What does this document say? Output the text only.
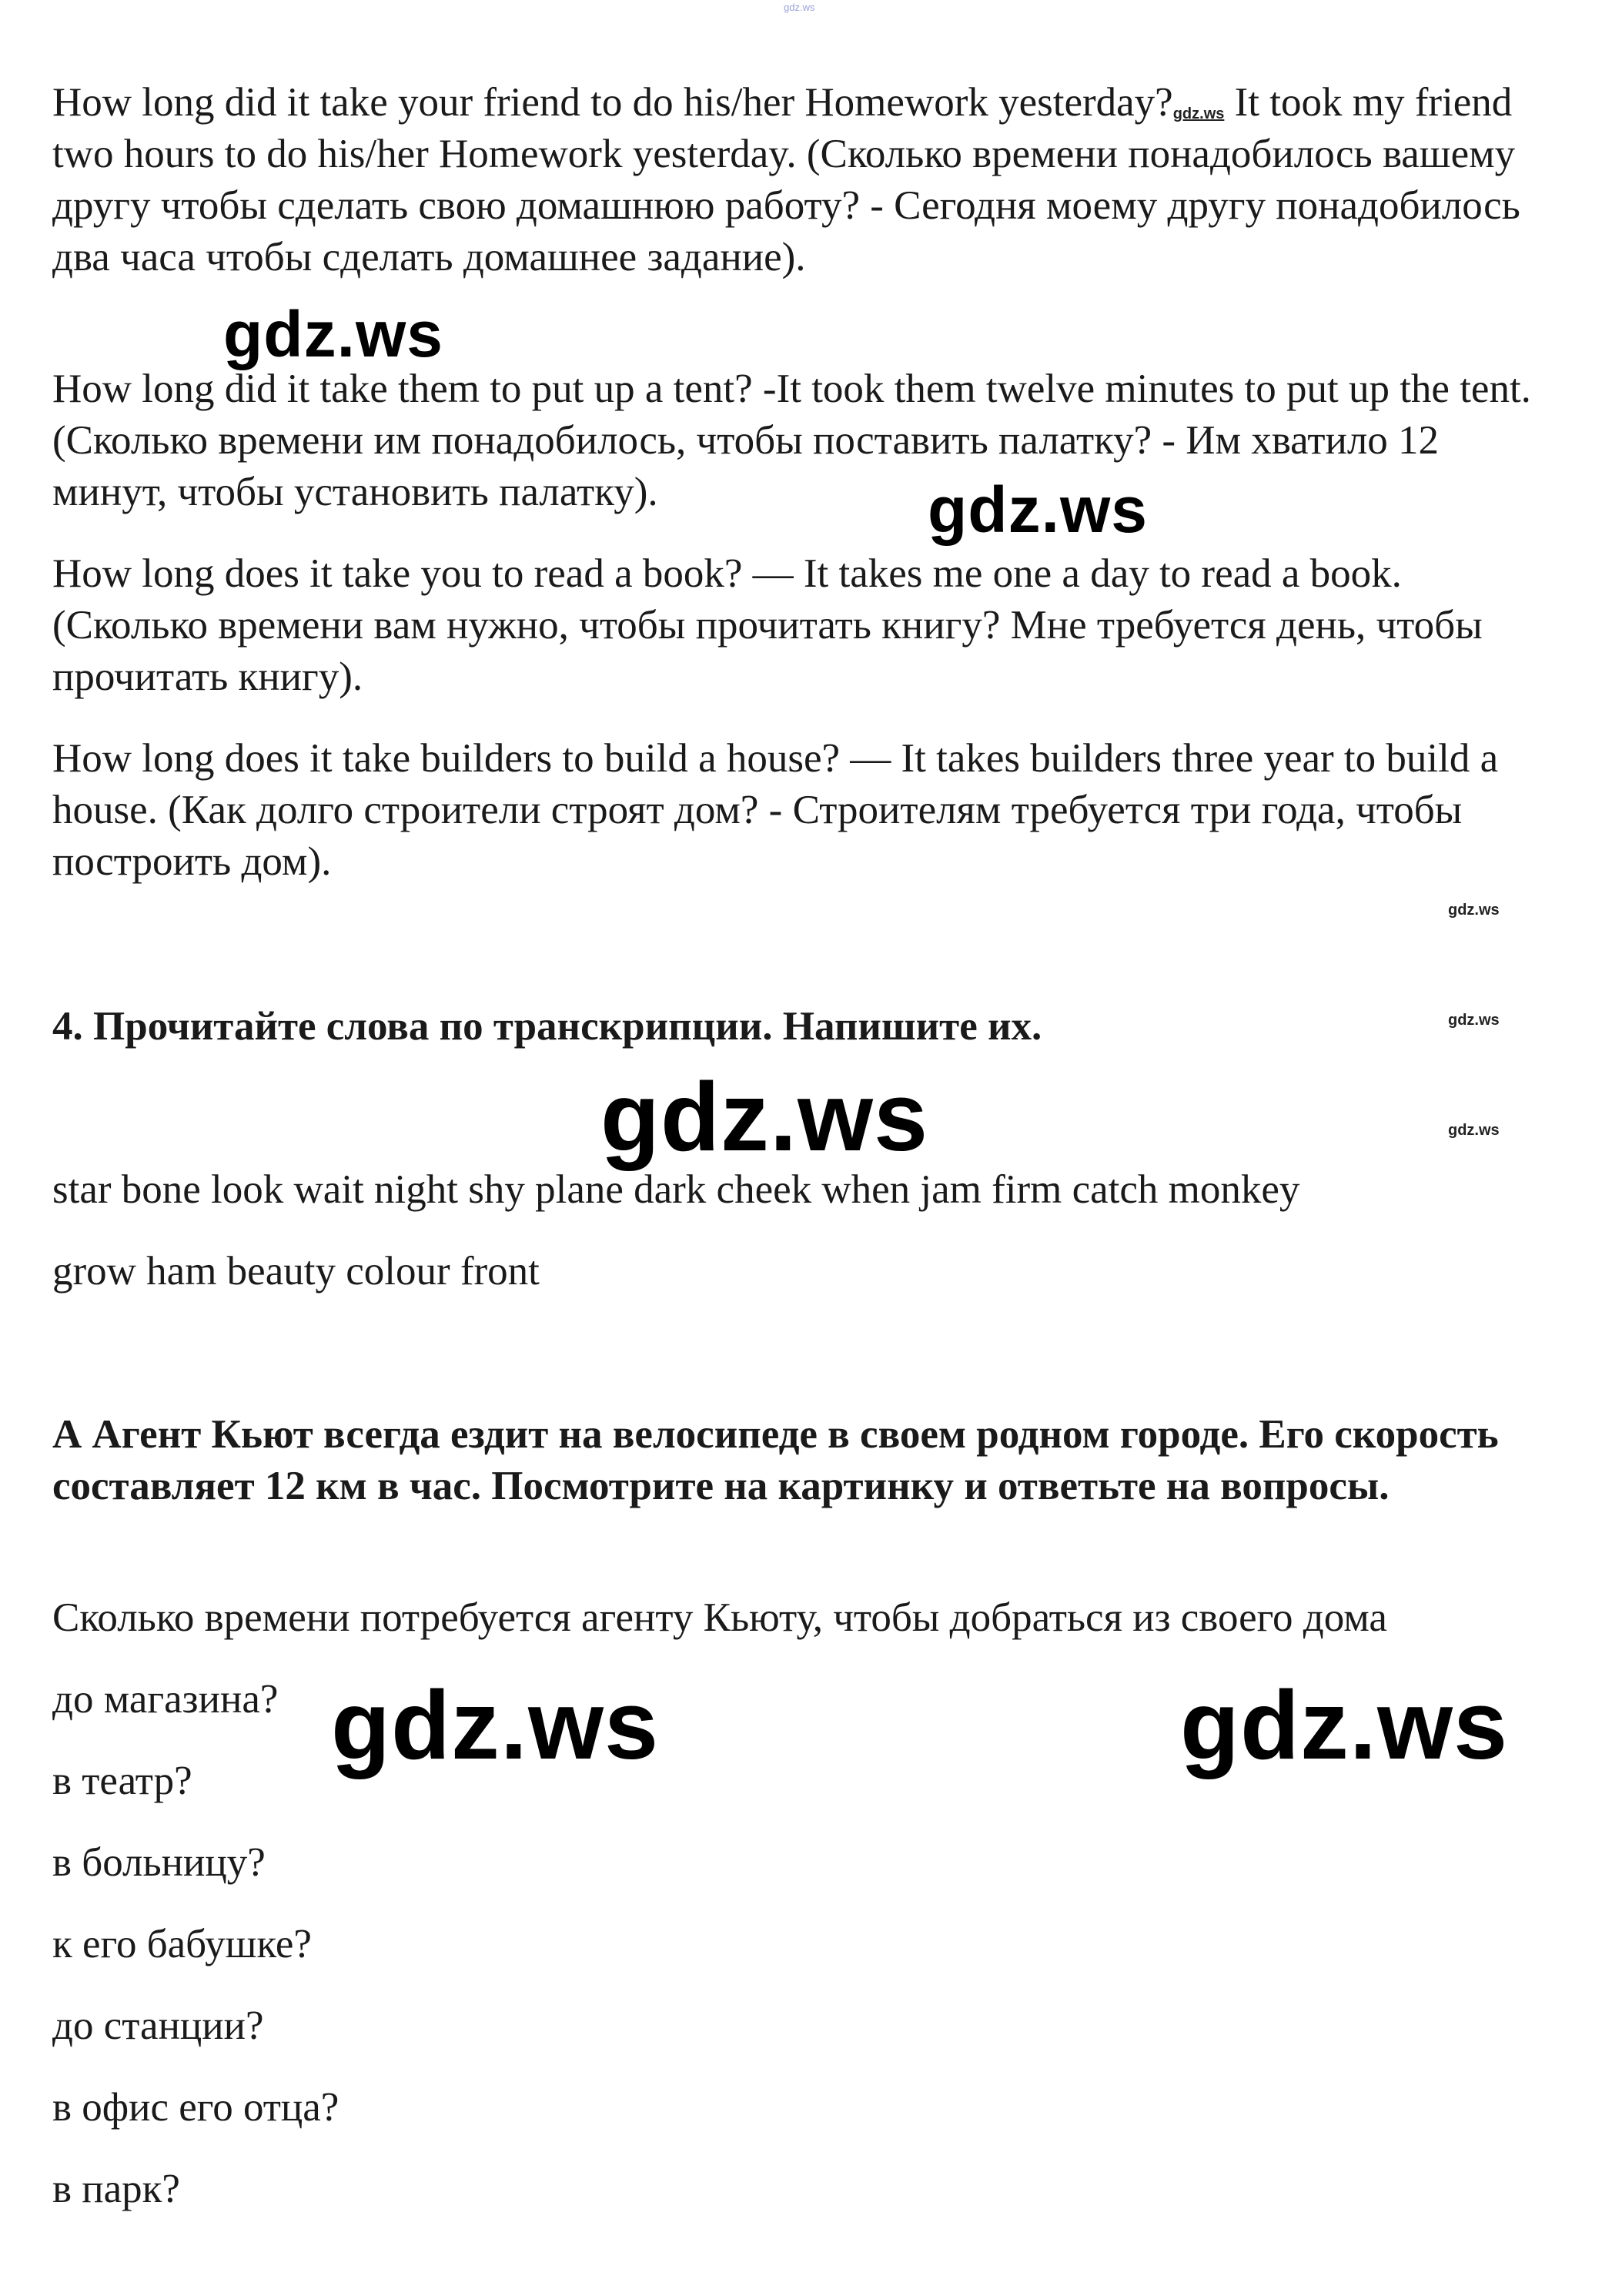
gdz.ws

How long did it take your friend to do his/her Homework yesterday?gdz.ws It took my friend two hours to do his/her Homework yesterday. (Сколько времени понадобилось вашему другу чтобы сделать свою домашнюю работу? - Сегодня моему другу понадобилось два часа чтобы сделать домашнее задание).

gdz.ws

How long did it take them to put up a tent? -It took them twelve minutes to put up the tent. (Сколько времени им понадобилось, чтобы поставить палатку? - Им хватило 12 минут, чтобы установить палатку).	gdz.ws

How long does it take you to read a book? — It takes me one a day to read a book. (Сколько времени вам нужно, чтобы прочитать книгу? Мне требуется день, чтобы прочитать книгу).

How long does it take builders to build a house? — It takes builders three year to build a house. (Как долго строители строят дом? - Строителям требуется три года, чтобы построить дом).

gdz.ws
gdz.ws
gdz.ws
4. Прочитайте слова по транскрипции. Напишите их.
gdz.ws
star bone look wait night shy plane dark cheek when jam firm catch monkey
grow ham beauty colour front

А Агент Кьют всегда ездит на велосипеде в своем родном городе. Его скорость составляет 12 км в час. Посмотрите на картинку и ответьте на вопросы.

Сколько времени потребуется агенту Кьюту, чтобы добраться из своего дома
до магазина?
в театр?
в больницу?
к его бабушке?
до станции?
в офис его отца?
в парк?
gdz.ws	gdz.ws
